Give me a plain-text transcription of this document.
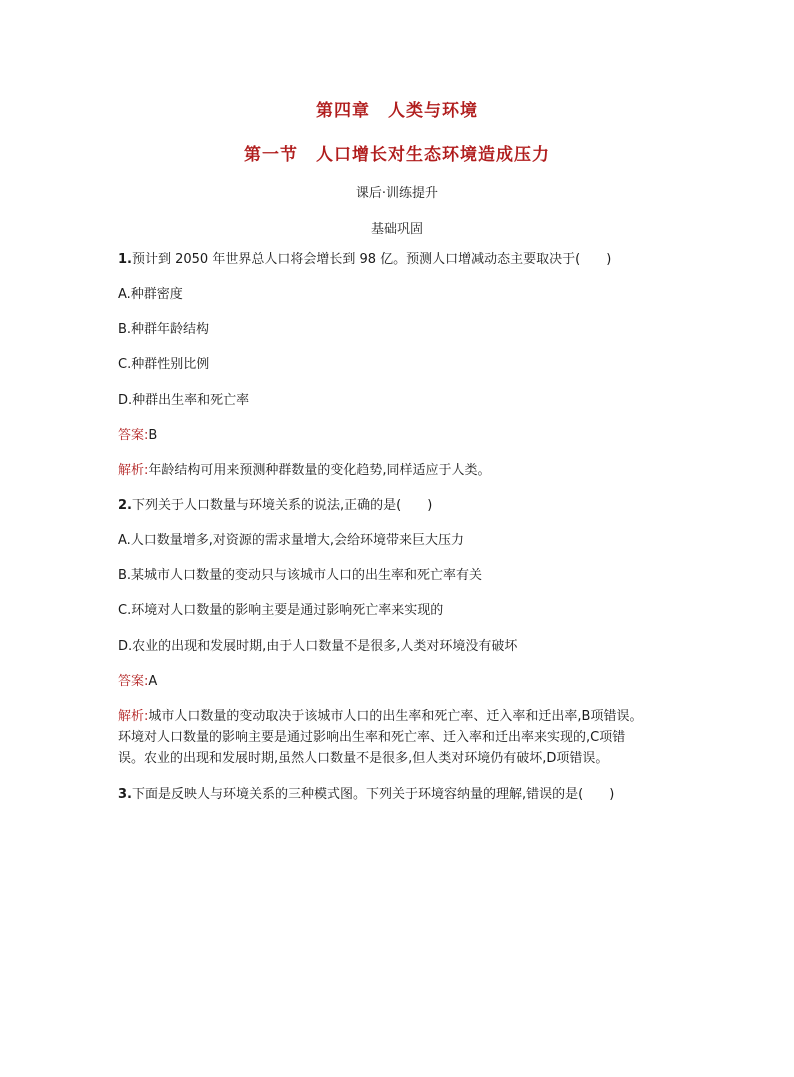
第四章　人类与环境
第一节　人口增长对生态环境造成压力
课后·训练提升
基础巩固
1.预计到 2050 年世界总人口将会增长到 98 亿。预测人口增减动态主要取决于(　　)
A.种群密度
B.种群年龄结构
C.种群性别比例
D.种群出生率和死亡率
答案:B
解析:年龄结构可用来预测种群数量的变化趋势,同样适应于人类。
2.下列关于人口数量与环境关系的说法,正确的是(　　)
A.人口数量增多,对资源的需求量增大,会给环境带来巨大压力
B.某城市人口数量的变动只与该城市人口的出生率和死亡率有关
C.环境对人口数量的影响主要是通过影响死亡率来实现的
D.农业的出现和发展时期,由于人口数量不是很多,人类对环境没有破坏
答案:A
解析:城市人口数量的变动取决于该城市人口的出生率和死亡率、迁入率和迁出率,B项错误。
环境对人口数量的影响主要是通过影响出生率和死亡率、迁入率和迁出率来实现的,C项错
误。农业的出现和发展时期,虽然人口数量不是很多,但人类对环境仍有破坏,D项错误。
3.下面是反映人与环境关系的三种模式图。下列关于环境容纳量的理解,错误的是(　　)
